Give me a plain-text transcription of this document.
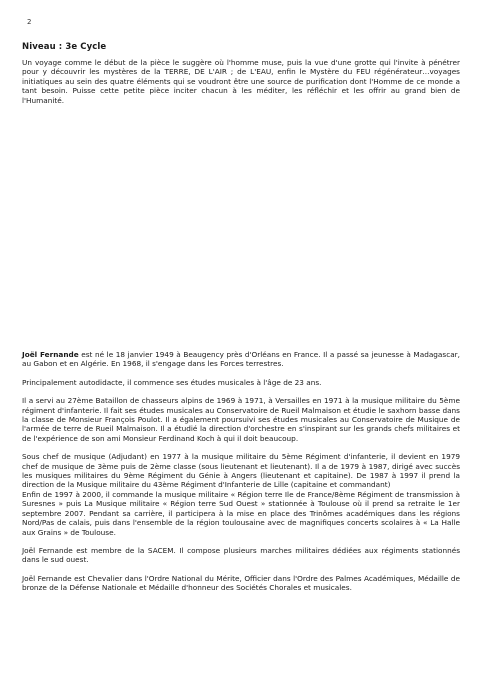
2
Niveau : 3e Cycle
Un voyage comme le début de la pièce le suggère où l'homme muse, puis la vue d'une grotte qui l'invite à pénétrer pour y découvrir les mystères de la TERRE, DE L'AIR ; de L'EAU, enfin le Mystère du FEU régénérateur…voyages initiatiques au sein des quatre éléments qui se voudront être une source de purification dont l'Homme de ce monde a tant besoin. Puisse cette petite pièce inciter chacun à les méditer, les réfléchir et les offrir au grand bien de l'Humanité.

Joël Fernande est né le 18 janvier 1949 à Beaugency près d'Orléans en France. Il a passé sa jeunesse à Madagascar, au Gabon et en Algérie. En 1968, il s'engage dans les Forces terrestres.

Principalement autodidacte, il commence ses études musicales à l'âge de 23 ans.

Il a servi au 27ème Bataillon de chasseurs alpins de 1969 à 1971, à Versailles en 1971 à la musique militaire du 5ème régiment d'infanterie. Il fait ses études musicales au Conservatoire de Rueil Malmaison et étudie le saxhorn basse dans la classe de Monsieur François Poulot. Il a également poursuivi ses études musicales au Conservatoire de Musique de l'armée de terre de Rueil Malmaison. Il a étudié la direction d'orchestre en s'inspirant sur les grands chefs militaires et de l'expérience de son ami Monsieur Ferdinand Koch à qui il doit beaucoup.

Sous chef de musique (Adjudant) en 1977 à la musique militaire du 5ème Régiment d'infanterie, il devient en 1979 chef de musique de 3ème puis de 2ème classe (sous lieutenant et lieutenant). Il a de 1979 à 1987, dirigé avec succès les musiques militaires du 9ème Régiment du Génie à Angers (lieutenant et capitaine). De 1987 à 1997 il prend la direction de la Musique militaire du 43ème Régiment d'Infanterie de Lille (capitaine et commandant)

Enfin de 1997 à 2000, il commande la musique militaire « Région terre Ile de France/8ème Régiment de transmission à Suresnes » puis La Musique militaire « Région terre Sud Ouest » stationnée à Toulouse où il prend sa retraite le 1er septembre 2007. Pendant sa carrière, il participera à la mise en place des Trinômes académiques dans les régions Nord/Pas de calais, puis dans l'ensemble de la région toulousaine avec de magnifiques concerts scolaires à « La Halle aux Grains » de Toulouse.

Joël Fernande est membre de la SACEM. Il compose plusieurs marches militaires dédiées aux régiments stationnés dans le sud ouest.

Joël Fernande est Chevalier dans l'Ordre National du Mérite, Officier dans l'Ordre des Palmes Académiques, Médaille de bronze de la Défense Nationale et Médaille d'honneur des Sociétés Chorales et musicales.
